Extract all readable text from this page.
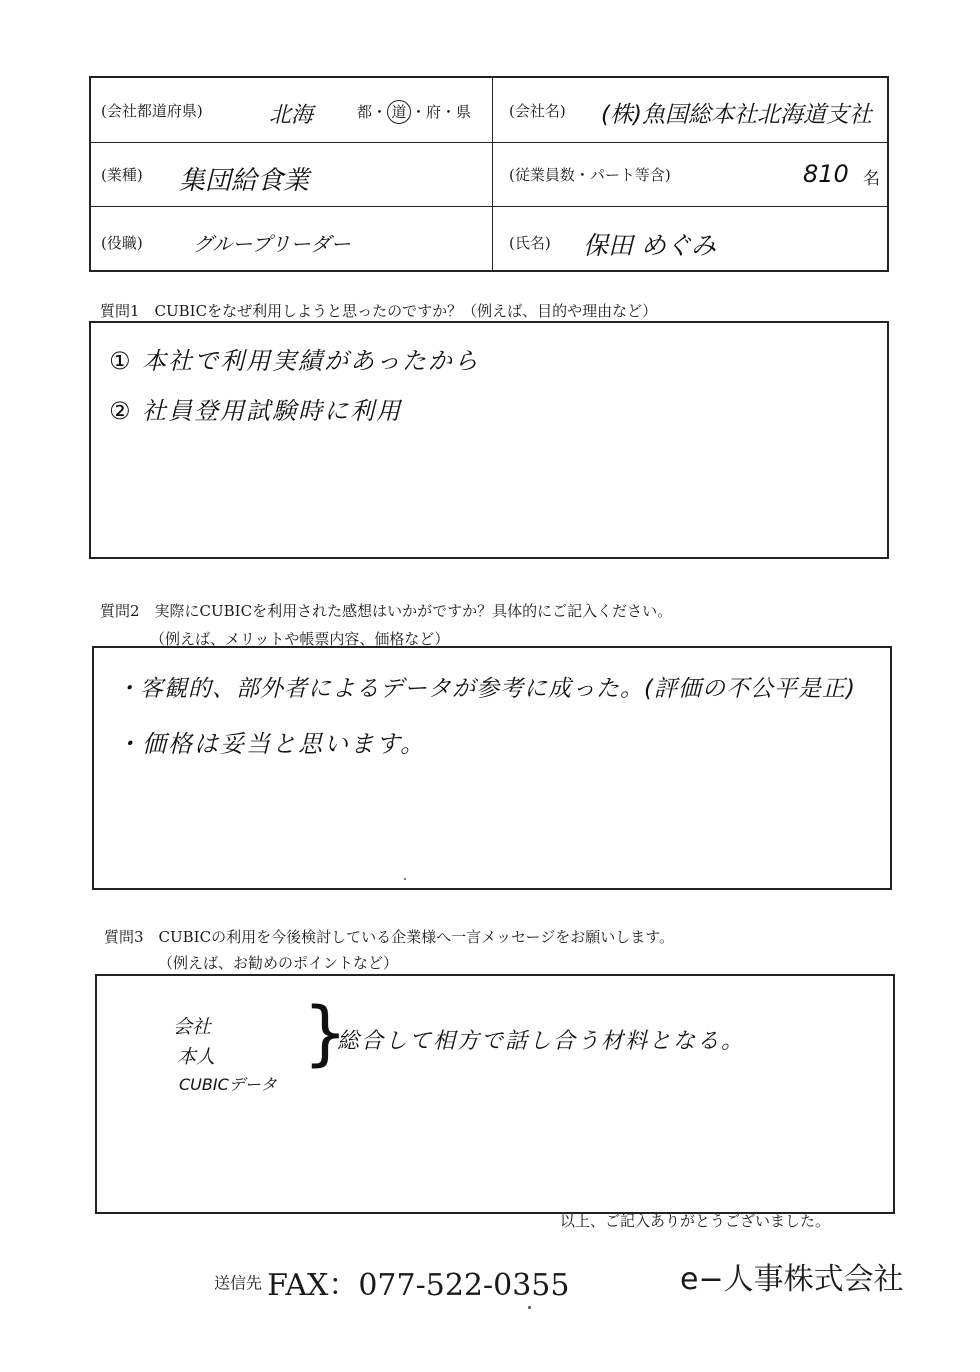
(会社都道府県)	北海	都・ 道 ・府・県	(会社名) (株)魚国総本社北海道支社
(業種) 集団給食業	(従業員数・パート等含)	810 名
(役職)	グループリーダー	(氏名) 保田 めぐみ
質問1　CUBICをなぜ利用しようと思ったのですか？（例えば、目的や理由など）
① 本社で利用実績があったから
② 社員登用試験時に利用
質問2　実際にCUBICを利用された感想はいかがですか？具体的にご記入ください。
（例えば、メリットや帳票内容、価格など）
・客観的、部外者によるデータが参考に成った。(評価の不公平是正)
・価格は妥当と思います。
質問3　CUBICの利用を今後検討している企業様へ一言メッセージをお願いします。
（例えば、お勧めのポイントなど）
会社
本人
CUBICデータ
}
総合して相方で話し合う材料となる。
以上、ご記入ありがとうございました。
送信先 FAX：077-522-0355	e−人事株式会社
